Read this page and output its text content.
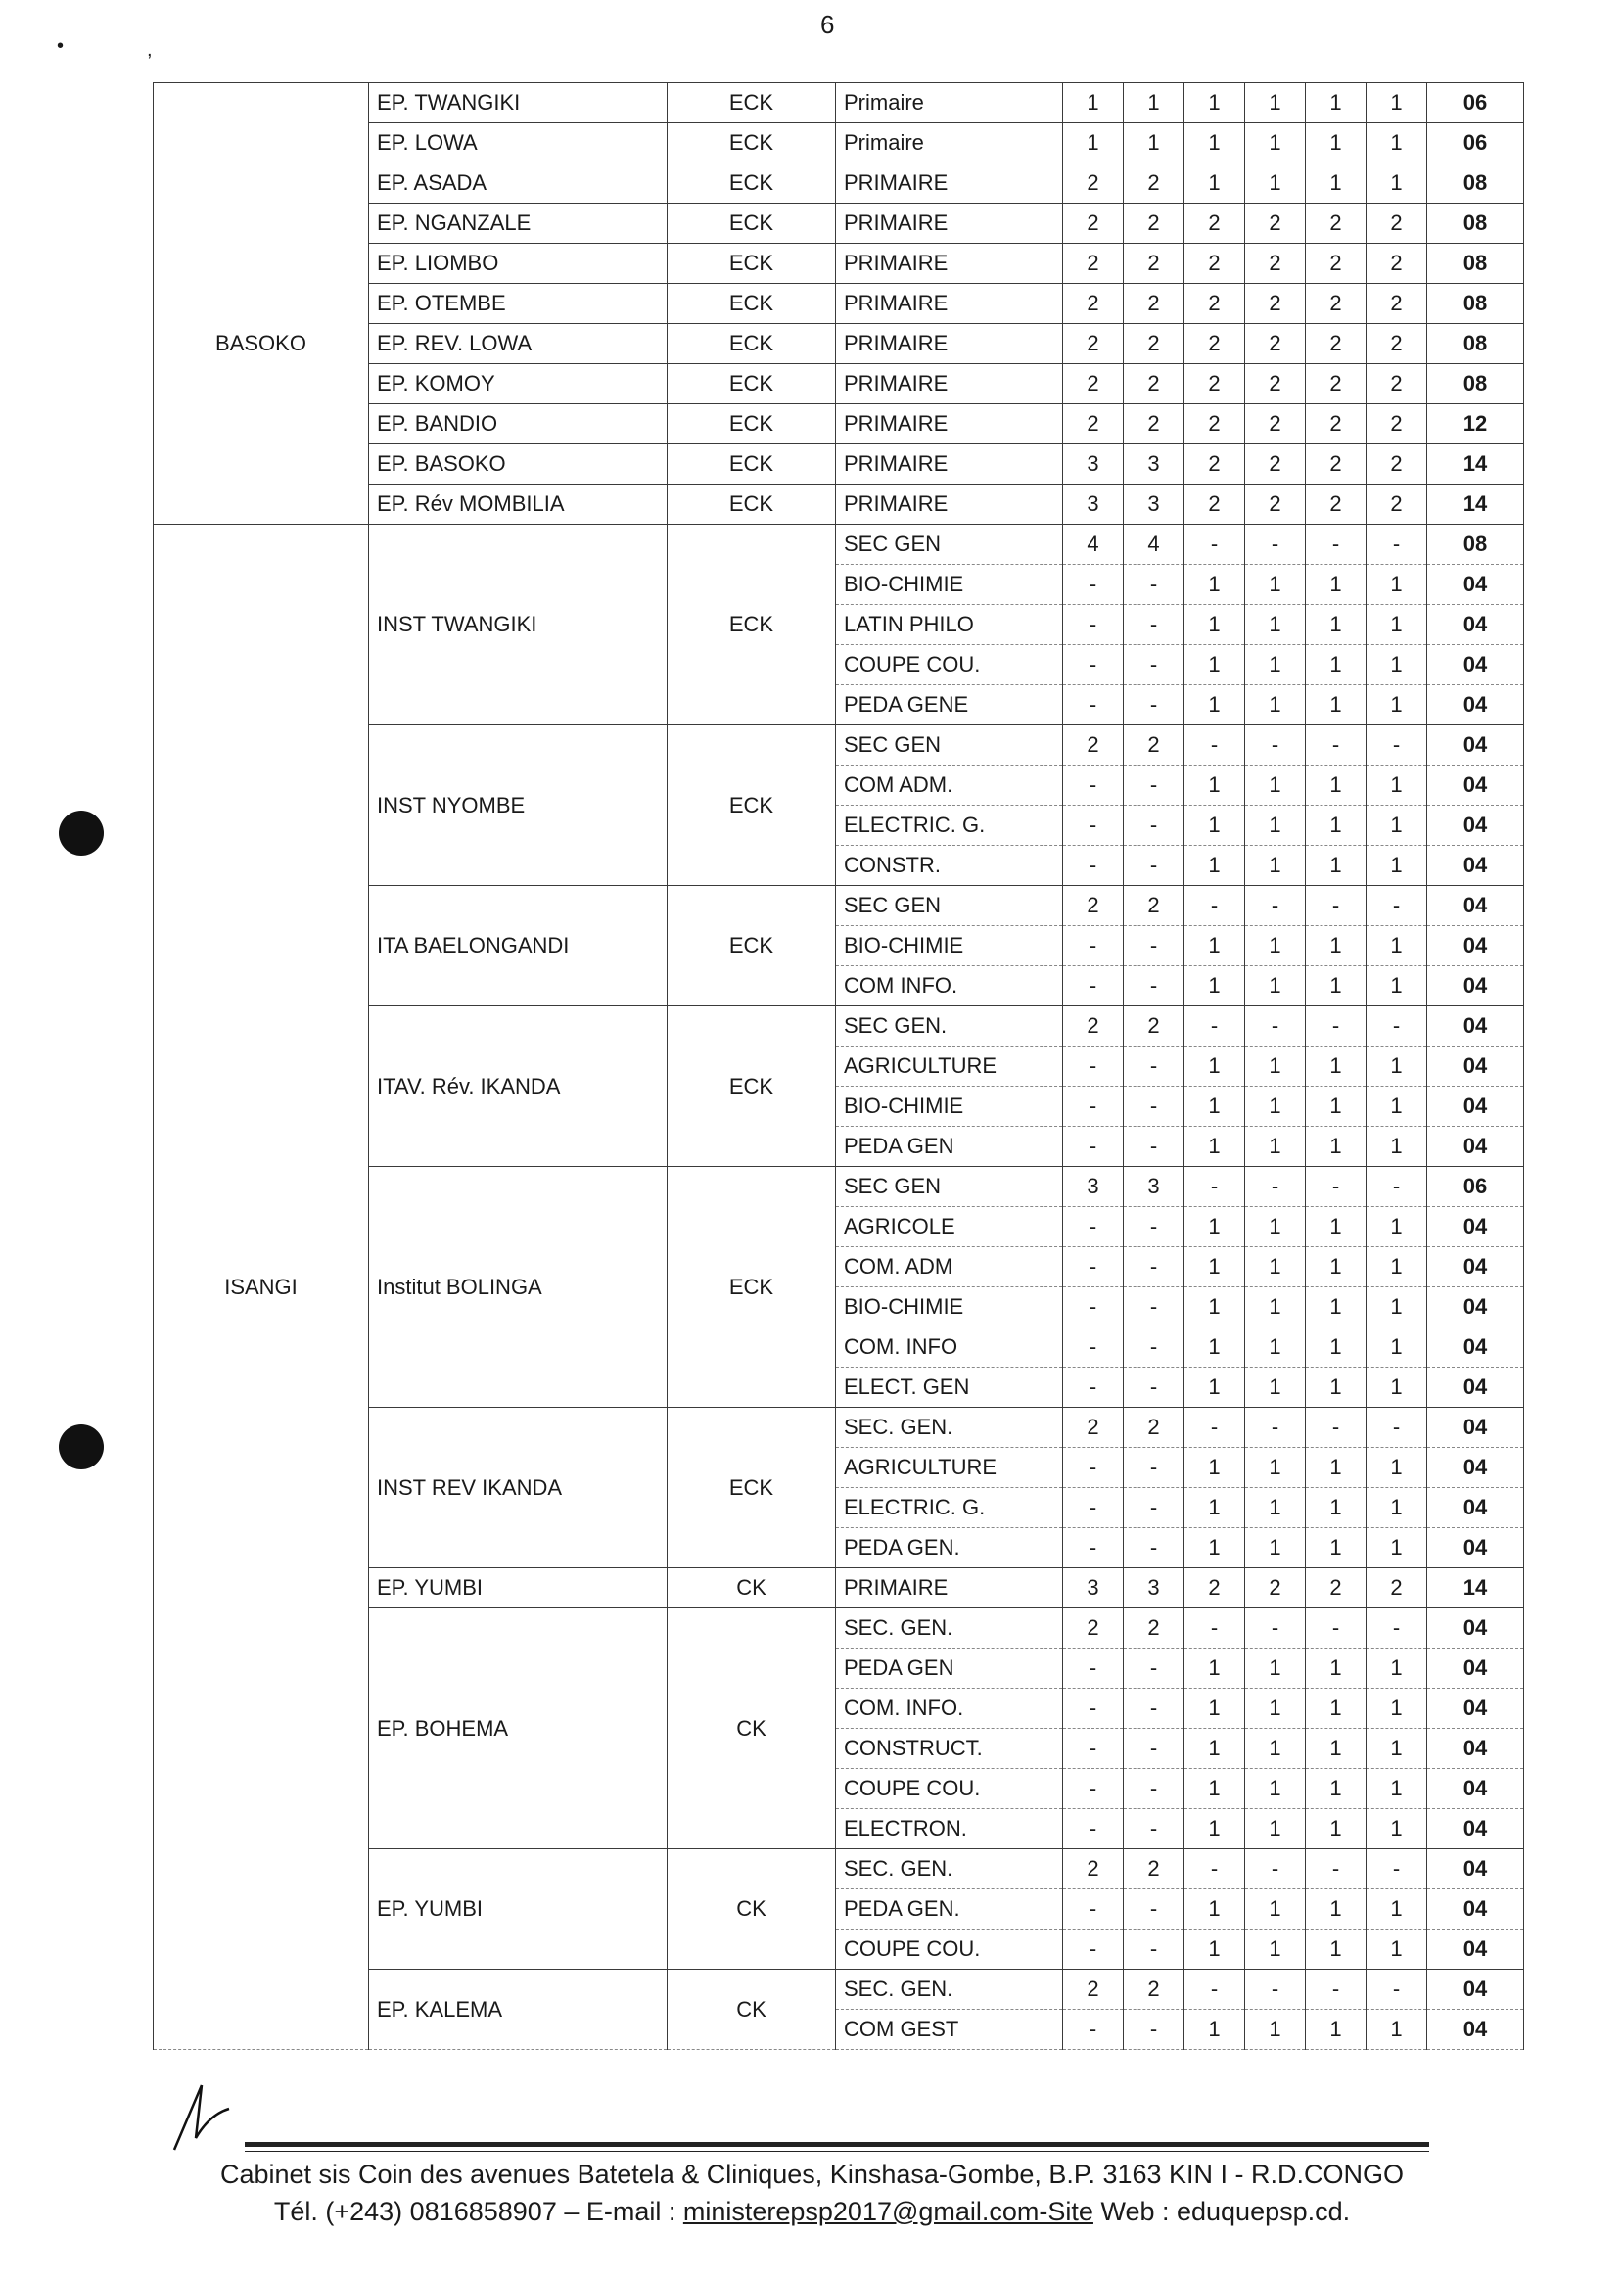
6
•	,
	EP. TWANGIKI	ECK	Primaire	1	1	1	1	1	1	06
	EP. LOWA	ECK	Primaire	1	1	1	1	1	1	06
BASOKO	EP. ASADA	ECK	PRIMAIRE	2	2	1	1	1	1	08
	EP. NGANZALE	ECK	PRIMAIRE	2	2	2	2	2	2	08
	EP. LIOMBO	ECK	PRIMAIRE	2	2	2	2	2	2	08
	EP. OTEMBE	ECK	PRIMAIRE	2	2	2	2	2	2	08
	EP. REV. LOWA	ECK	PRIMAIRE	2	2	2	2	2	2	08
	EP. KOMOY	ECK	PRIMAIRE	2	2	2	2	2	2	08
	EP. BANDIO	ECK	PRIMAIRE	2	2	2	2	2	2	12
	EP. BASOKO	ECK	PRIMAIRE	3	3	2	2	2	2	14
	EP. Rév MOMBILIA	ECK	PRIMAIRE	3	3	2	2	2	2	14
ISANGI	INST TWANGIKI	ECK	SEC GEN	4	4	-	-	-	-	08
			BIO-CHIMIE	-	-	1	1	1	1	04
			LATIN PHILO	-	-	1	1	1	1	04
			COUPE COU.	-	-	1	1	1	1	04
			PEDA GENE	-	-	1	1	1	1	04
	INST NYOMBE	ECK	SEC GEN	2	2	-	-	-	-	04
			COM ADM.	-	-	1	1	1	1	04
			ELECTRIC. G.	-	-	1	1	1	1	04
			CONSTR.	-	-	1	1	1	1	04
	ITA BAELONGANDI	ECK	SEC GEN	2	2	-	-	-	-	04
			BIO-CHIMIE	-	-	1	1	1	1	04
			COM INFO.	-	-	1	1	1	1	04
	ITAV. Rév. IKANDA	ECK	SEC GEN.	2	2	-	-	-	-	04
			AGRICULTURE	-	-	1	1	1	1	04
			BIO-CHIMIE	-	-	1	1	1	1	04
			PEDA GEN	-	-	1	1	1	1	04
	Institut BOLINGA	ECK	SEC GEN	3	3	-	-	-	-	06
			AGRICOLE	-	-	1	1	1	1	04
			COM. ADM	-	-	1	1	1	1	04
			BIO-CHIMIE	-	-	1	1	1	1	04
			COM. INFO	-	-	1	1	1	1	04
			ELECT. GEN	-	-	1	1	1	1	04
	INST REV IKANDA	ECK	SEC. GEN.	2	2	-	-	-	-	04
			AGRICULTURE	-	-	1	1	1	1	04
			ELECTRIC. G.	-	-	1	1	1	1	04
			PEDA GEN.	-	-	1	1	1	1	04
	EP. YUMBI	CK	PRIMAIRE	3	3	2	2	2	2	14
	EP. BOHEMA	CK	SEC. GEN.	2	2	-	-	-	-	04
			PEDA GEN	-	-	1	1	1	1	04
			COM. INFO.	-	-	1	1	1	1	04
			CONSTRUCT.	-	-	1	1	1	1	04
			COUPE COU.	-	-	1	1	1	1	04
			ELECTRON.	-	-	1	1	1	1	04
	EP. YUMBI	CK	SEC. GEN.	2	2	-	-	-	-	04
			PEDA GEN.	-	-	1	1	1	1	04
			COUPE COU.	-	-	1	1	1	1	04
	EP. KALEMA	CK	SEC. GEN.	2	2	-	-	-	-	04
			COM GEST	-	-	1	1	1	1	04
Cabinet sis Coin des avenues Batetela & Cliniques, Kinshasa-Gombe, B.P. 3163 KIN I - R.D.CONGO
Tél. (+243) 0816858907 – E-mail : ministerepsp2017@gmail.com-Site Web : eduquepsp.cd.
